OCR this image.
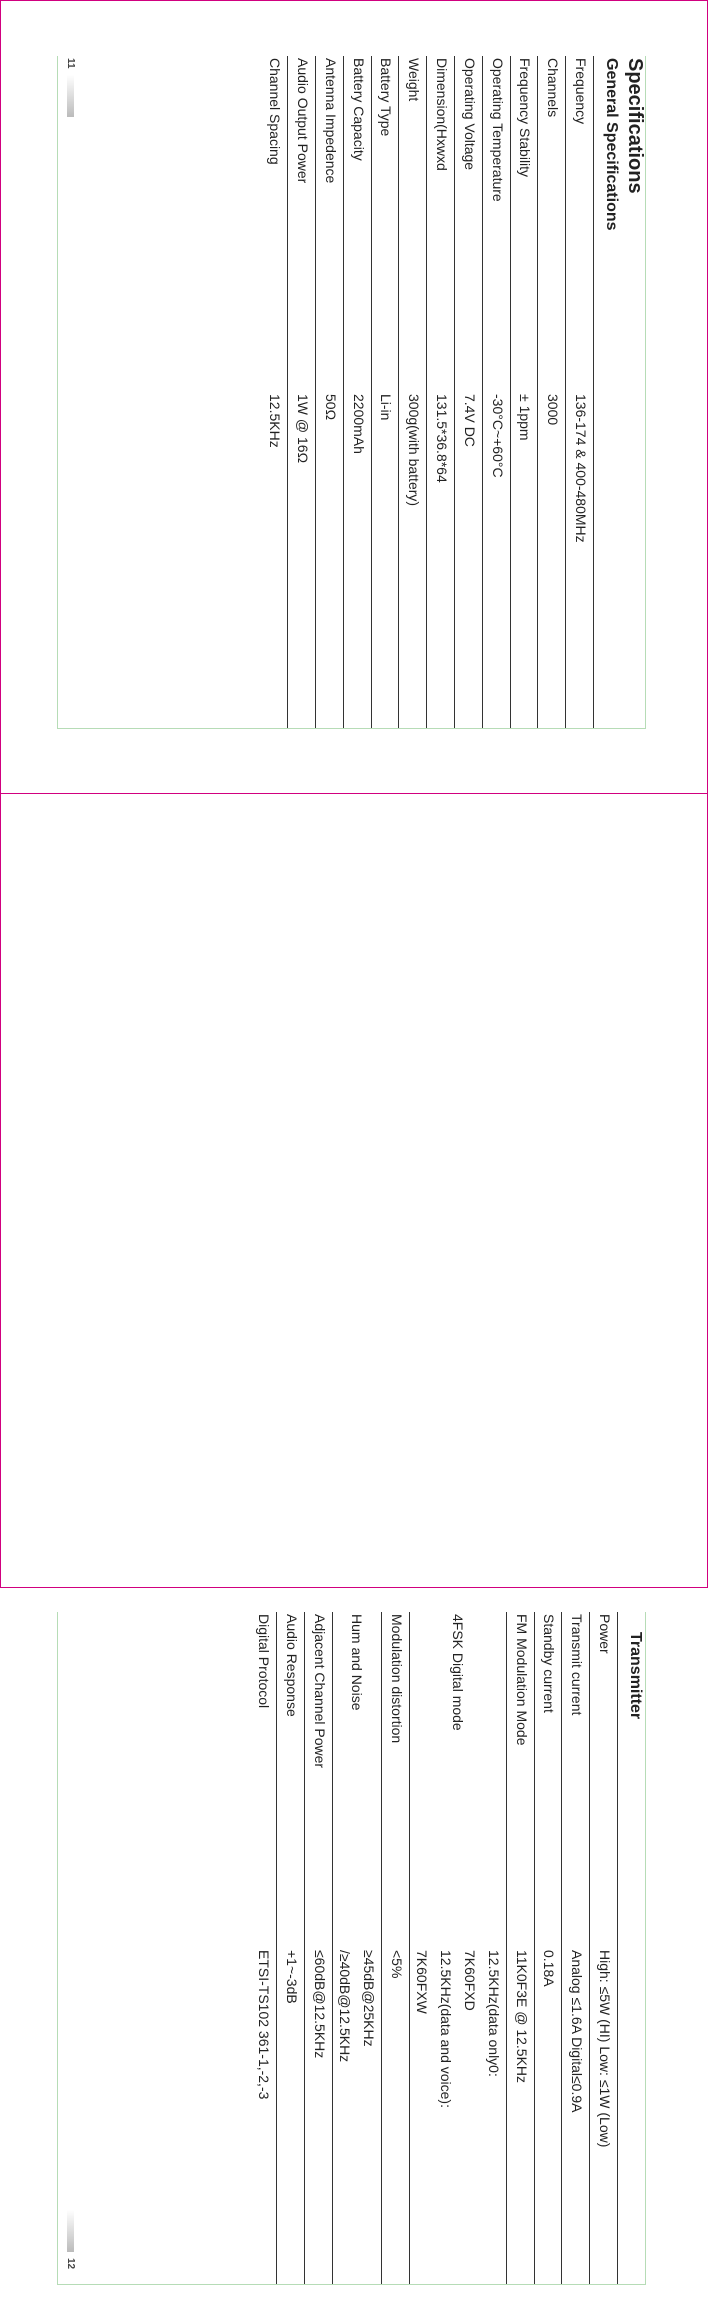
Specifications
General Specifications
Frequency	136-174 & 400-480MHz
Channels	3000
Frequency Stability	± 1ppm
Operating Temperature	-30°C~+60°C
Operating Voltage	7.4V DC
Dimension(Hxwxd	131.5*36.8*64
Weight	300g(with battery)
Battery Type	Li-in
Battery Capacity	2200mAh
Antenna Impedence	50Ω
Audio Output Power	1W @ 16Ω
Channel Spacing	12.5KHz
11
Transmitter
Power	High: ≤5W (HI) Low: ≤1W (Low)

Transmit current	Analog ≤1.6A Digital≤0.9A

Standby current	0.18A

FM Modulation Mode	11K0F3E @ 12.5KHz

4FSK Digital mode	12.5KHz(data only0:
7K60FXD
12.5KHz(data and voice):
7K60FXW

Modulation distortion	<5%

Hum and Noise	≥45dB@25KHz
/≥40dB@12.5KHz

Adjacent Channel Power	≤60dB@12.5KHz

Audio Response	+1~-3dB

Digital Protocol	ETSI-TS102 361-1,-2,-3
12
